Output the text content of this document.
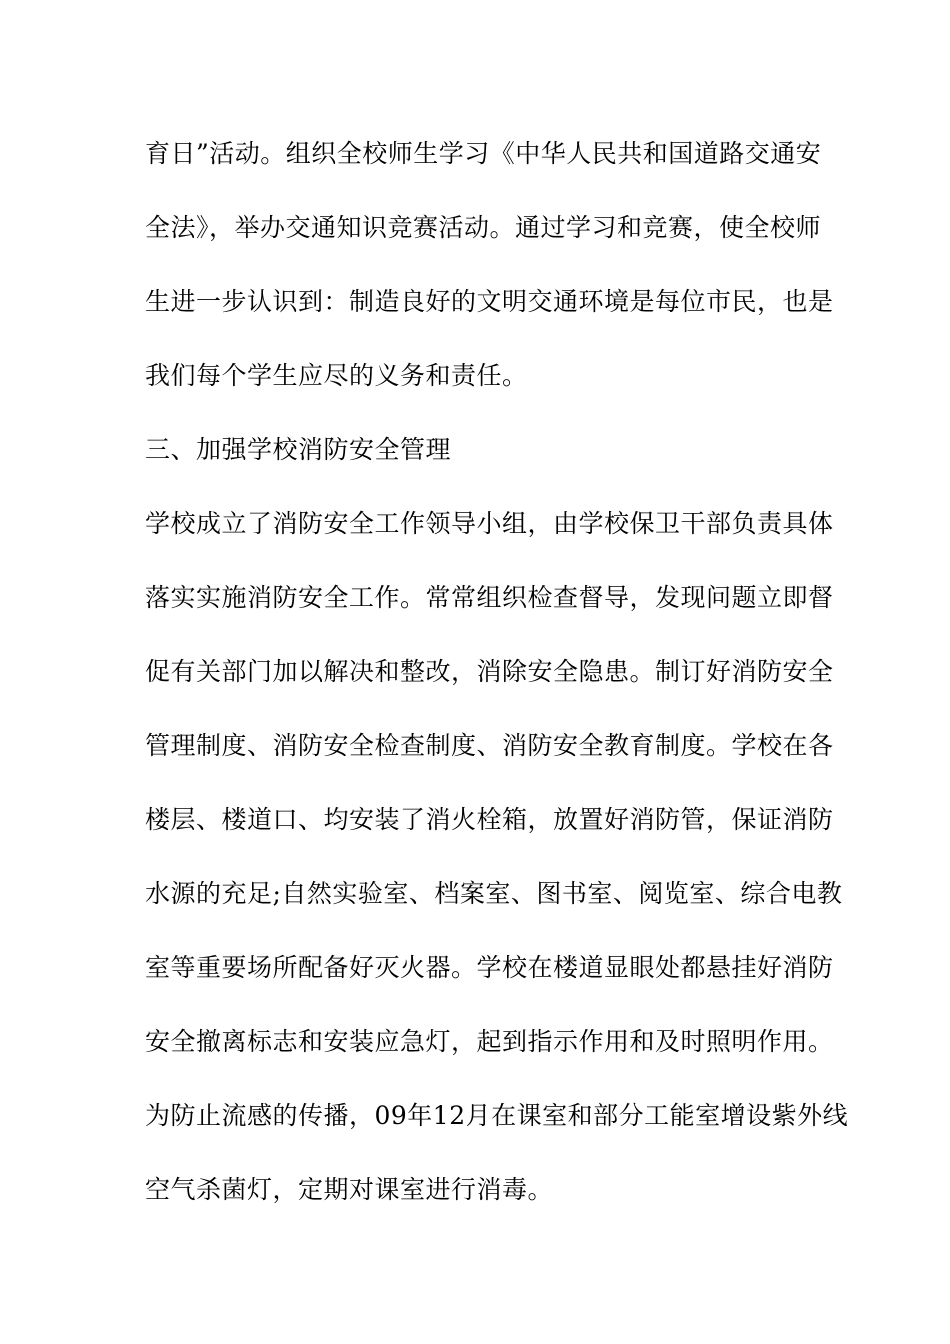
育日”活动。组织全校师生学习《中华人民共和国道路交通安
全法》，举办交通知识竞赛活动。通过学习和竞赛，使全校师
生进一步认识到：制造良好的文明交通环境是每位市民，也是
我们每个学生应尽的义务和责任。
三、加强学校消防安全管理
学校成立了消防安全工作领导小组，由学校保卫干部负责具体
落实实施消防安全工作。常常组织检查督导，发现问题立即督
促有关部门加以解决和整改，消除安全隐患。制订好消防安全
管理制度、消防安全检查制度、消防安全教育制度。学校在各
楼层、楼道口、均安装了消火栓箱，放置好消防管，保证消防
水源的充足;自然实验室、档案室、图书室、阅览室、综合电教
室等重要场所配备好灭火器。学校在楼道显眼处都悬挂好消防
安全撤离标志和安装应急灯，起到指示作用和及时照明作用。
为防止流感的传播，09年12月在课室和部分工能室增设紫外线
空气杀菌灯，定期对课室进行消毒。
